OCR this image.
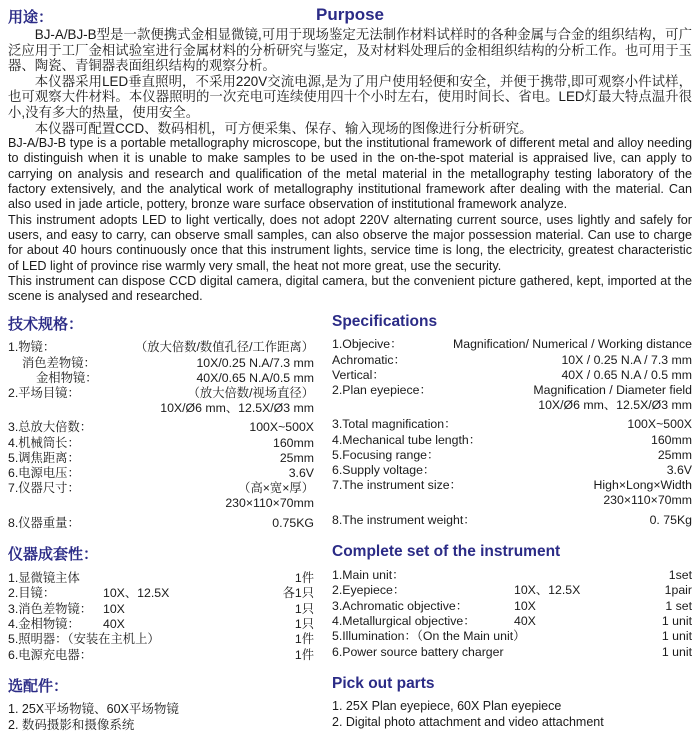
用途：	Purpose

BJ-A/BJ-B型是一款便携式金相显微镜,可用于现场鉴定无法制作材料试样时的各种金属与合金的组织结构，可广泛应用于工厂金相试验室进行金属材料的分析研究与鉴定，及对材料处理后的金相组织结构的分析工作。也可用于玉器、陶瓷、青铜器表面组织结构的观察分析。

本仪器采用LED垂直照明，不采用220V交流电源,是为了用户使用轻便和安全，并便于携带,即可观察小件试样，也可观察大件材料。本仪器照明的一次充电可连续使用四十个小时左右，使用时间长、省电。LED灯最大特点温升很小,没有多大的热量，使用安全。

本仪器可配置CCD、数码相机，可方便采集、保存、输入现场的图像进行分析研究。

BJ-A/BJ-B type is a portable metallography microscope, but the institutional framework of different metal and alloy needing to distinguish when it is unable to make samples to be used in the on-the-spot material is appraised live, can apply to carrying on analysis and research and qualification of the metal material in the metallography testing laboratory of the factory extensively, and the analytical work of metallography institutional framework after dealing with the material. Can also used in jade article, pottery, bronze ware surface observation of institutional framework analyze.

This instrument adopts LED to light vertically, does not adopt 220V alternating current source, uses lightly and safely for users, and easy to carry, can observe small samples, can also observe the major possession material. Can use to charge for about 40 hours continuously once that this instrument lights, service time is long, the electricity, greatest characteristic of LED light of province rise warmly very small, the heat not more great, use the security.

This instrument can dispose CCD digital camera, digital camera, but the convenient picture gathered, kept, imported at the scene is analysed and researched.

技术规格：
1.物镜：	（放大倍数/数值孔径/工作距离）
消色差物镜：	10X/0.25 N.A/7.3 mm
金相物镜：	40X/0.65 N.A/0.5 mm
2.平场目镜：	（放大倍数/视场直径）
10X/Ø6 mm、12.5X/Ø3 mm
3.总放大倍数：	100X~500X
4.机械筒长：	160mm
5.调焦距离：	25mm
6.电源电压：	3.6V
7.仪器尺寸：	（高×宽×厚）
230×110×70mm
8.仪器重量：	0.75KG
Specifications
1.Objecive：	Magnification/ Numerical / Working distance
Achromatic：	10X / 0.25 N.A / 7.3 mm
Vertical：	40X / 0.65 N.A / 0.5 mm
2.Plan eyepiece：	Magnification / Diameter field
10X/Ø6 mm、12.5X/Ø3 mm
3.Total magnification：	100X~500X
4.Mechanical tube length：	160mm
5.Focusing range：	25mm
6.Supply voltage：	3.6V
7.The instrument size：	High×Long×Width
230×110×70mm
8.The instrument weight：	0. 75Kg
仪器成套性：
1.显微镜主体	1件
2.目镜：	10X、12.5X	各1只
3.消色差物镜： 10X	1只
4.金相物镜： 40X	1只
5.照明器：（安装在主机上）	1件
6.电源充电器：	1件
Complete set of the instrument
1.Main unit：	1set
2.Eyepiece：	10X、12.5X	1pair
3.Achromatic objective：	10X	1 set
4.Metallurgical objective：	40X	1 unit
5.Illumination：（On the Main unit）	1 unit
6.Power source battery charger	1 unit
选配件：
1. 25X平场物镜、60X平场物镜
2. 数码摄影和摄像系统
Pick out parts
1. 25X Plan eyepiece, 60X Plan eyepiece
2. Digital photo attachment and video attachment
